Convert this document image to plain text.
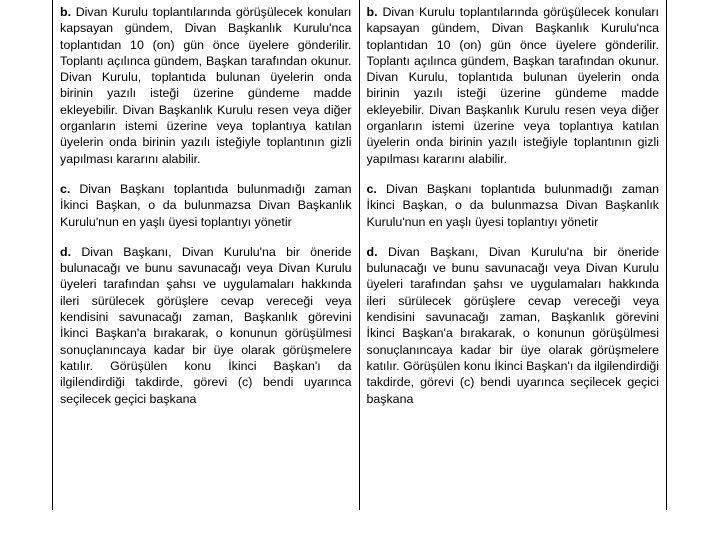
b. Divan Kurulu toplantılarında görüşülecek konuları kapsayan gündem, Divan Başkanlık Kurulu'nca toplantıdan 10 (on) gün önce üyelere gönderilir. Toplantı açılınca gündem, Başkan tarafından okunur. Divan Kurulu, toplantıda bulunan üyelerin onda birinin yazılı isteği üzerine gündeme madde ekleyebilir. Divan Başkanlık Kurulu resen veya diğer organların istemi üzerine veya toplantıya katılan üyelerin onda birinin yazılı isteğiyle toplantının gizli yapılması kararını alabilir.

c. Divan Başkanı toplantıda bulunmadığı zaman İkinci Başkan, o da bulunmazsa Divan Başkanlık Kurulu'nun en yaşlı üyesi toplantıyı yönetir

d. Divan Başkanı, Divan Kurulu'na bir öneride bulunacağı ve bunu savunacağı veya Divan Kurulu üyeleri tarafından şahsı ve uygulamaları hakkında ileri sürülecek görüşlere cevap vereceği veya kendisini savunacağı zaman, Başkanlık görevini İkinci Başkan'a bırakarak, o konunun görüşülmesi sonuçlanıncaya kadar bir üye olarak görüşmelere katılır. Görüşülen konu İkinci Başkan'ı da ilgilendirdiği takdirde, görevi (c) bendi uyarınca seçilecek geçici başkana

b. Divan Kurulu toplantılarında görüşülecek konuları kapsayan gündem, Divan Başkanlık Kurulu'nca toplantıdan 10 (on) gün önce üyelere gönderilir. Toplantı açılınca gündem, Başkan tarafından okunur. Divan Kurulu, toplantıda bulunan üyelerin onda birinin yazılı isteği üzerine gündeme madde ekleyebilir. Divan Başkanlık Kurulu resen veya diğer organların istemi üzerine veya toplantıya katılan üyelerin onda birinin yazılı isteğiyle toplantının gizli yapılması kararını alabilir.

c. Divan Başkanı toplantıda bulunmadığı zaman İkinci Başkan, o da bulunmazsa Divan Başkanlık Kurulu'nun en yaşlı üyesi toplantıyı yönetir

d. Divan Başkanı, Divan Kurulu'na bir öneride bulunacağı ve bunu savunacağı veya Divan Kurulu üyeleri tarafından şahsı ve uygulamaları hakkında ileri sürülecek görüşlere cevap vereceği veya kendisini savunacağı zaman, Başkanlık görevini İkinci Başkan'a bırakarak, o konunun görüşülmesi sonuçlanıncaya kadar bir üye olarak görüşmelere katılır. Görüşülen konu İkinci Başkan'ı da ilgilendirdiği takdirde, görevi (c) bendi uyarınca seçilecek geçici başkana
